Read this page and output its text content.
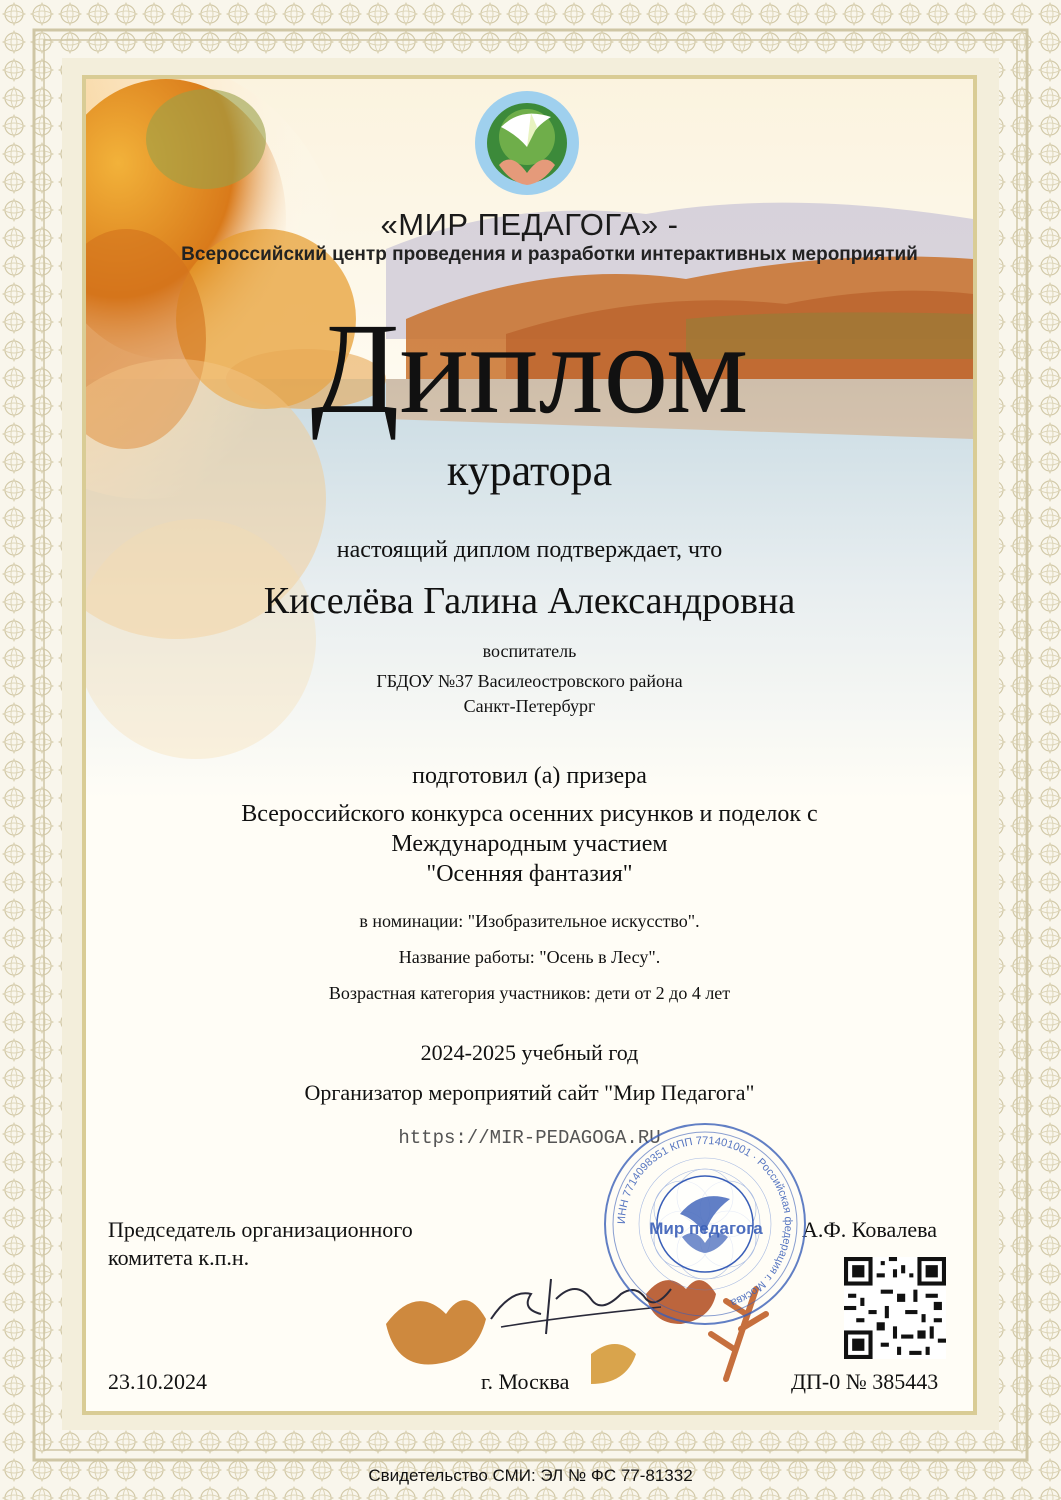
«МИР ПЕДАГОГА» -
Всероссийский центр проведения и разработки интерактивных мероприятий
Диплом
куратора
настоящий диплом подтверждает, что
Киселёва Галина Александровна
воспитатель
ГБДОУ №37 Василеостровского района
Санкт-Петербург
подготовил (а) призера
Всероссийского конкурса осенних рисунков и поделок с
Международным участием
"Осенняя фантазия"
в номинации: "Изобразительное искусство".
Название работы: "Осень в Лесу".
Возрастная категория участников: дети от 2 до 4 лет
2024-2025 учебный год
Организатор мероприятий сайт "Мир Педагога"
https://MIR-PEDAGOGA.RU
Председатель организационного
комитета к.п.н.
А.Ф. Ковалева
ИНН 7714098351 КПП 771401001 · Российская федерация г. Москва
Мир педагога
23.10.2024	г. Москва	ДП-0 № 385443
Свидетельство СМИ: ЭЛ № ФС 77-81332
